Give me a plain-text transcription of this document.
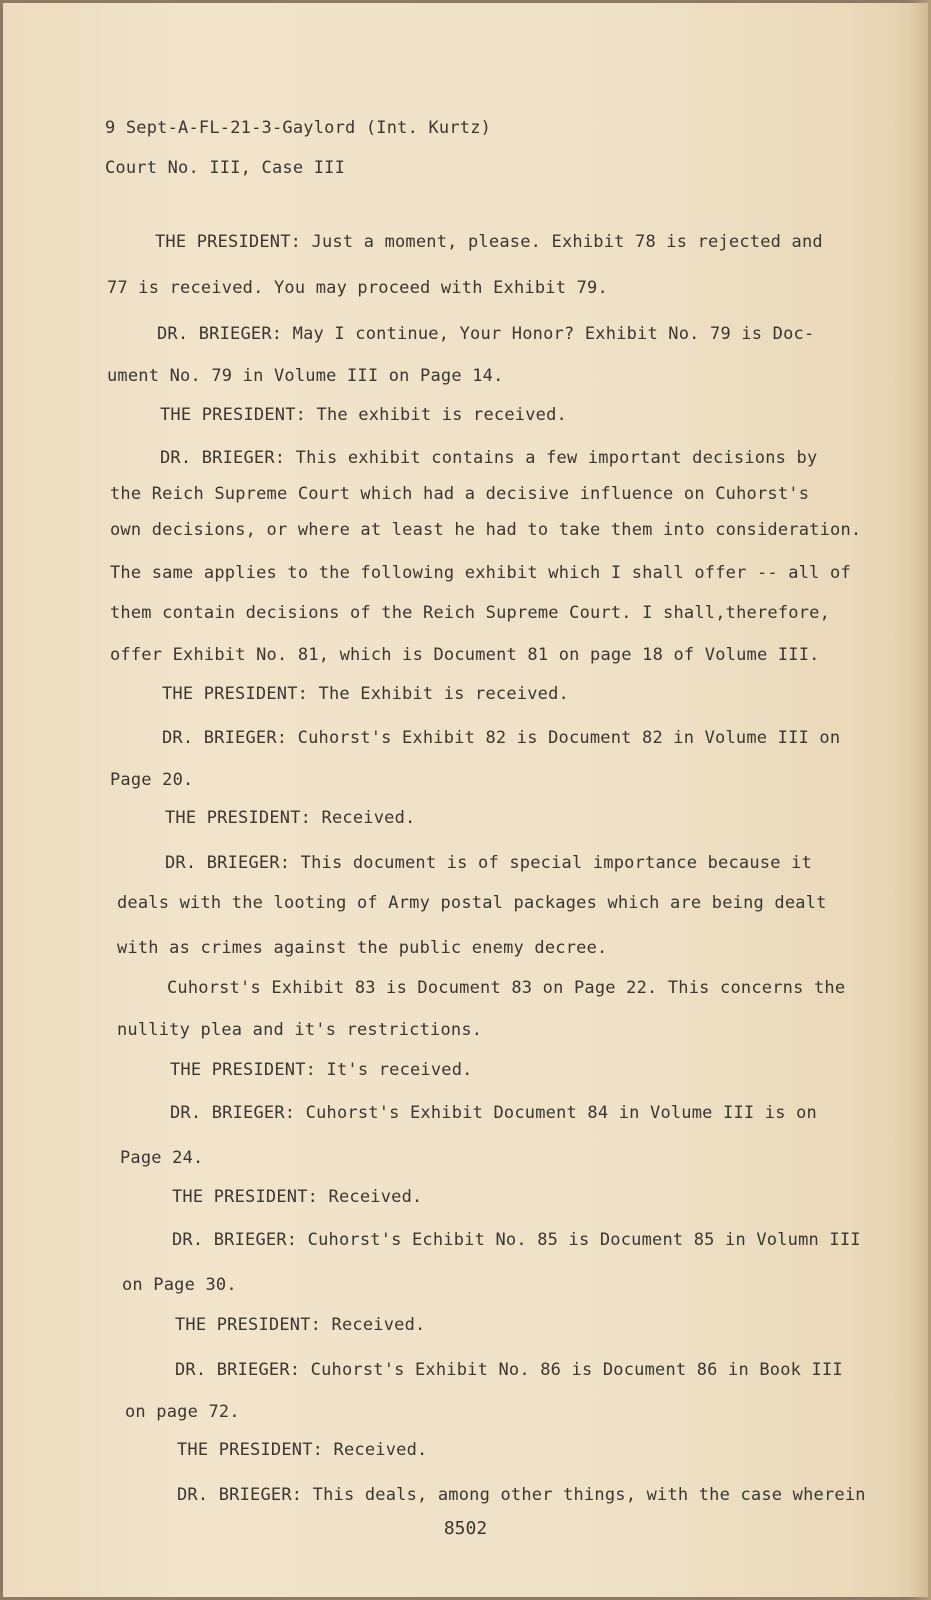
9 Sept-A-FL-21-3-Gaylord (Int. Kurtz)
Court No. III, Case III
THE PRESIDENT: Just a moment, please. Exhibit 78 is rejected and
77 is received. You may proceed with Exhibit 79.
DR. BRIEGER: May I continue, Your Honor? Exhibit No. 79 is Doc-
ument No. 79 in Volume III on Page 14.
THE PRESIDENT: The exhibit is received.
DR. BRIEGER: This exhibit contains a few important decisions by
the Reich Supreme Court which had a decisive influence on Cuhorst's
own decisions, or where at least he had to take them into consideration.
The same applies to the following exhibit which I shall offer -- all of
them contain decisions of the Reich Supreme Court. I shall,therefore,
offer Exhibit No. 81, which is Document 81 on page 18 of Volume III.
THE PRESIDENT: The Exhibit is received.
DR. BRIEGER: Cuhorst's Exhibit 82 is Document 82 in Volume III on
Page 20.
THE PRESIDENT: Received.
DR. BRIEGER: This document is of special importance because it
deals with the looting of Army postal packages which are being dealt
with as crimes against the public enemy decree.
Cuhorst's Exhibit 83 is Document 83 on Page 22. This concerns the
nullity plea and it's restrictions.
THE PRESIDENT: It's received.
DR. BRIEGER: Cuhorst's Exhibit Document 84 in Volume III is on
Page 24.
THE PRESIDENT: Received.
DR. BRIEGER: Cuhorst's Echibit No. 85 is Document 85 in Volumn III
on Page 30.
THE PRESIDENT: Received.
DR. BRIEGER: Cuhorst's Exhibit No. 86 is Document 86 in Book III
on page 72.
THE PRESIDENT: Received.
DR. BRIEGER: This deals, among other things, with the case wherein
8502
